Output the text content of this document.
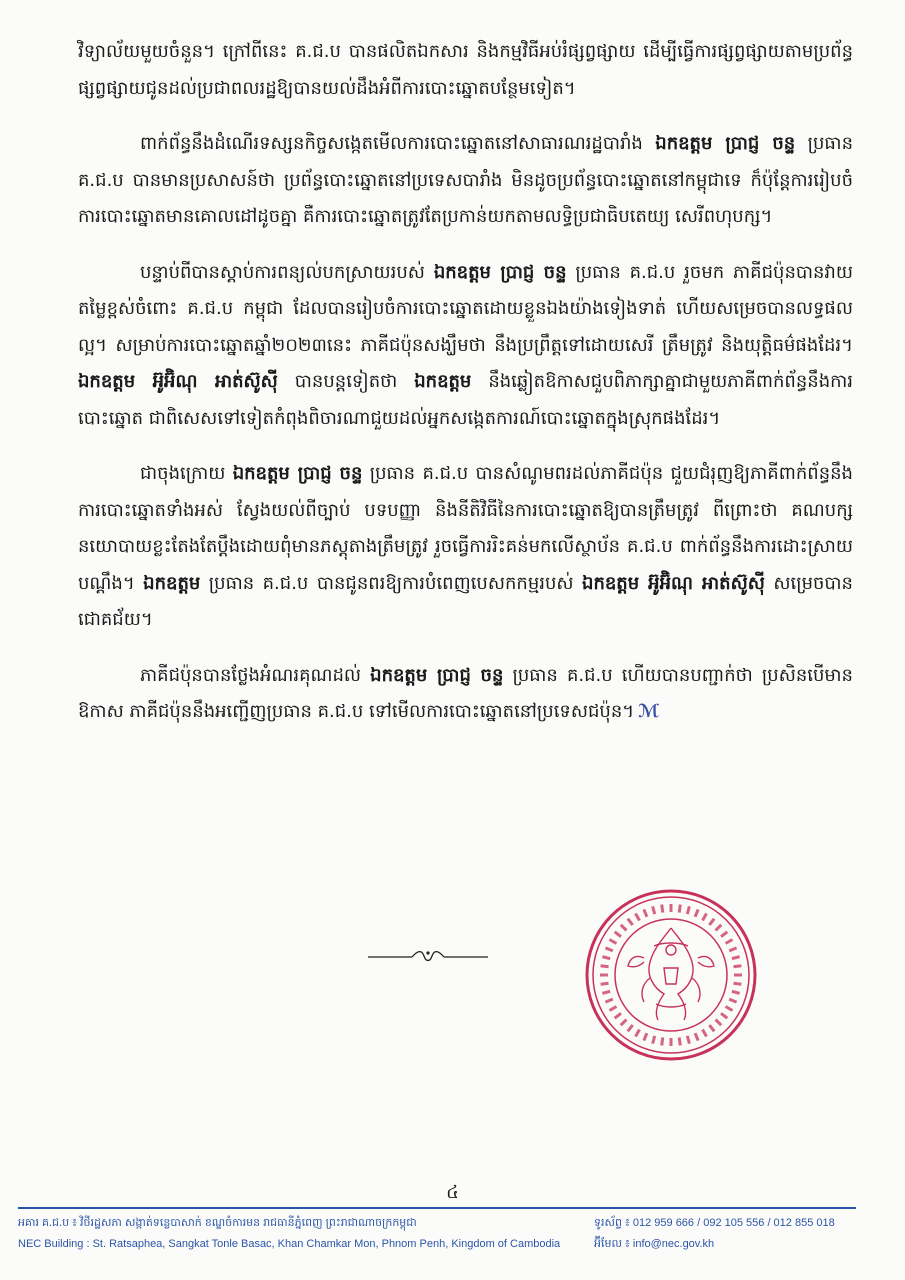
វិទ្យាល័យមួយចំនួន។ ក្រៅពីនេះ គ.ជ.ប បានផលិតឯកសារ និងកម្មវិធីអប់រំផ្សព្វផ្សាយ ដើម្បីធ្វើការផ្សព្វផ្សាយតាមប្រព័ន្ធផ្សព្វផ្សាយជូនដល់ប្រជាពលរដ្ឋឱ្យបានយល់ដឹងអំពីការបោះឆ្នោតបន្ថែមទៀត។

ពាក់ព័ន្ធនឹងដំណើរទស្សនកិច្ចសង្កេតមើលការបោះឆ្នោតនៅសាធារណរដ្ឋបារាំង ឯកឧត្តម ប្រាជ្ញ ចន្ទ ប្រធាន គ.ជ.ប បានមានប្រសាសន៍ថា ប្រព័ន្ធបោះឆ្នោតនៅប្រទេសបារាំង មិនដូចប្រព័ន្ធបោះឆ្នោតនៅកម្ពុជាទេ ក៏ប៉ុន្តែការរៀបចំការបោះឆ្នោតមានគោលដៅដូចគ្នា គឺការបោះឆ្នោតត្រូវតែប្រកាន់យកតាមលទ្ធិប្រជាធិបតេយ្យ សេរីពហុបក្ស។

បន្ទាប់ពីបានស្តាប់ការពន្យល់បកស្រាយរបស់ ឯកឧត្តម ប្រាជ្ញ ចន្ទ ប្រធាន គ.ជ.ប រួចមក ភាគីជប៉ុនបានវាយតម្លៃខ្ពស់ចំពោះ គ.ជ.ប កម្ពុជា ដែលបានរៀបចំការបោះឆ្នោតដោយខ្លួនឯងយ៉ាងទៀងទាត់ ហើយសម្រេចបានលទ្ធផលល្អ។ សម្រាប់ការបោះឆ្នោតឆ្នាំ២០២៣នេះ ភាគីជប៉ុនសង្ឃឹមថា នឹងប្រព្រឹត្តទៅដោយសេរី ត្រឹមត្រូវ និងយុត្តិធម៌ផងដែរ។ ឯកឧត្តម អ៊ូអ៊ិណុ អាត់ស៊ូស៊ី បានបន្តទៀតថា ឯកឧត្តម នឹងឆ្លៀតឱកាសជួបពិភាក្សាគ្នាជាមួយភាគីពាក់ព័ន្ធនឹងការបោះឆ្នោត ជាពិសេសទៅទៀតកំពុងពិចារណាជួយដល់អ្នកសង្កេតការណ៍បោះឆ្នោតក្នុងស្រុកផងដែរ។

ជាចុងក្រោយ ឯកឧត្តម ប្រាជ្ញ ចន្ទ ប្រធាន គ.ជ.ប បានសំណូមពរដល់ភាគីជប៉ុន ជួយជំរុញឱ្យភាគីពាក់ព័ន្ធនឹងការបោះឆ្នោតទាំងអស់ ស្វែងយល់ពីច្បាប់ បទបញ្ញា និងនីតិវិធីនៃការបោះឆ្នោតឱ្យបានត្រឹមត្រូវ ពីព្រោះថា គណបក្សនយោបាយខ្លះតែងតែប្តឹងដោយពុំមានភស្តុតាងត្រឹមត្រូវ រួចធ្វើការរិះគន់មកលើស្ថាប័ន គ.ជ.ប ពាក់ព័ន្ធនឹងការដោះស្រាយបណ្តឹង។ ឯកឧត្តម ប្រធាន គ.ជ.ប បានជូនពរឱ្យការបំពេញបេសកកម្មរបស់ ឯកឧត្តម អ៊ូអ៊ិណុ អាត់ស៊ូស៊ី សម្រេចបានជោគជ័យ។

ភាគីជប៉ុនបានថ្លែងអំណរគុណដល់ ឯកឧត្តម ប្រាជ្ញ ចន្ទ ប្រធាន គ.ជ.ប ហើយបានបញ្ជាក់ថា ប្រសិនបើមានឱកាស ភាគីជប៉ុននឹងអញ្ជើញប្រធាន គ.ជ.ប ទៅមើលការបោះឆ្នោតនៅប្រទេសជប៉ុន។ ℳ

៤
អគារ គ.ជ.ប ៖ វិថីរដ្ឋសភា សង្កាត់ទន្លេបាសាក់ ខណ្ឌចំការមន រាជធានីភ្នំពេញ ព្រះរាជាណាចក្រកម្ពុជា
NEC Building : St. Ratsaphea, Sangkat Tonle Basac, Khan Chamkar Mon, Phnom Penh, Kingdom of Cambodia
ទូរស័ព្ទ ៖ 012 959 666 / 092 105 556 / 012 855 018
អ៊ីមែល ៖ info@nec.gov.kh
